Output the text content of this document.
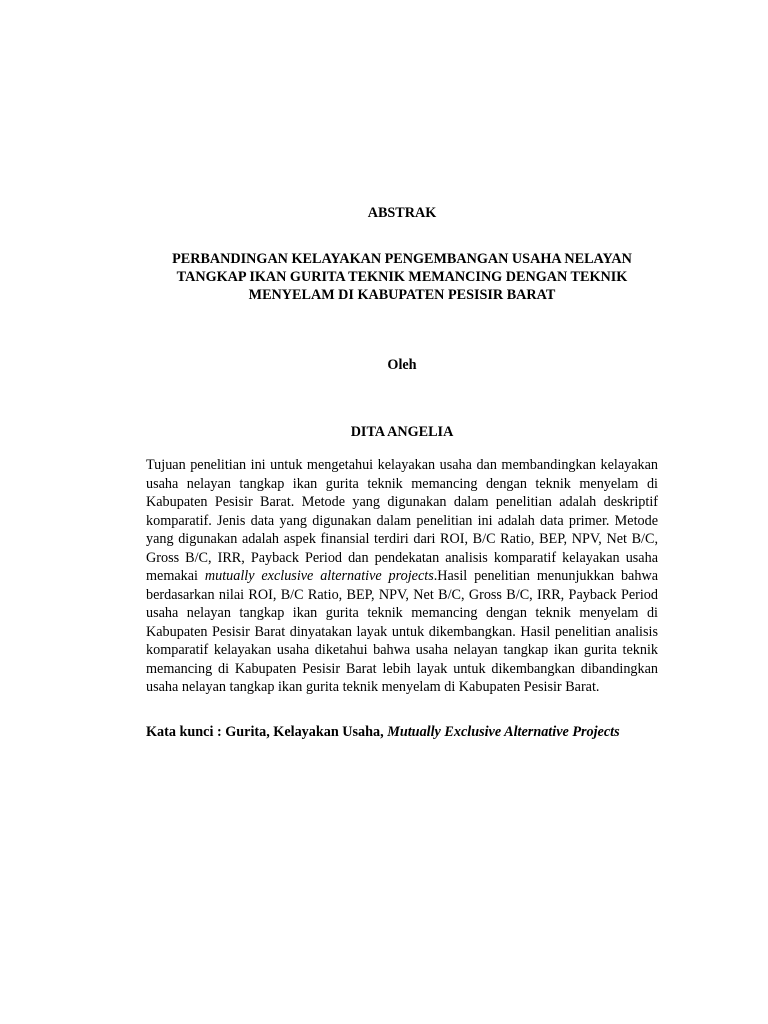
ABSTRAK
PERBANDINGAN KELAYAKAN PENGEMBANGAN USAHA NELAYAN TANGKAP IKAN GURITA TEKNIK MEMANCING DENGAN TEKNIK MENYELAM DI KABUPATEN PESISIR BARAT

Oleh

DITA ANGELIA

Tujuan penelitian ini untuk mengetahui kelayakan usaha dan membandingkan kelayakan usaha nelayan tangkap ikan gurita teknik memancing dengan teknik menyelam di Kabupaten Pesisir Barat. Metode yang digunakan dalam penelitian adalah deskriptif komparatif. Jenis data yang digunakan dalam penelitian ini adalah data primer. Metode yang digunakan adalah aspek finansial terdiri dari ROI, B/C Ratio, BEP, NPV, Net B/C, Gross B/C, IRR, Payback Period dan pendekatan analisis komparatif kelayakan usaha memakai mutually exclusive alternative projects.Hasil penelitian menunjukkan bahwa berdasarkan nilai ROI, B/C Ratio, BEP, NPV, Net B/C, Gross B/C, IRR, Payback Period usaha nelayan tangkap ikan gurita teknik memancing dengan teknik menyelam di Kabupaten Pesisir Barat dinyatakan layak untuk dikembangkan. Hasil penelitian analisis komparatif kelayakan usaha diketahui bahwa usaha nelayan tangkap ikan gurita teknik memancing di Kabupaten Pesisir Barat lebih layak untuk dikembangkan dibandingkan usaha nelayan tangkap ikan gurita teknik menyelam di Kabupaten Pesisir Barat.

Kata kunci : Gurita, Kelayakan Usaha, Mutually Exclusive Alternative Projects
